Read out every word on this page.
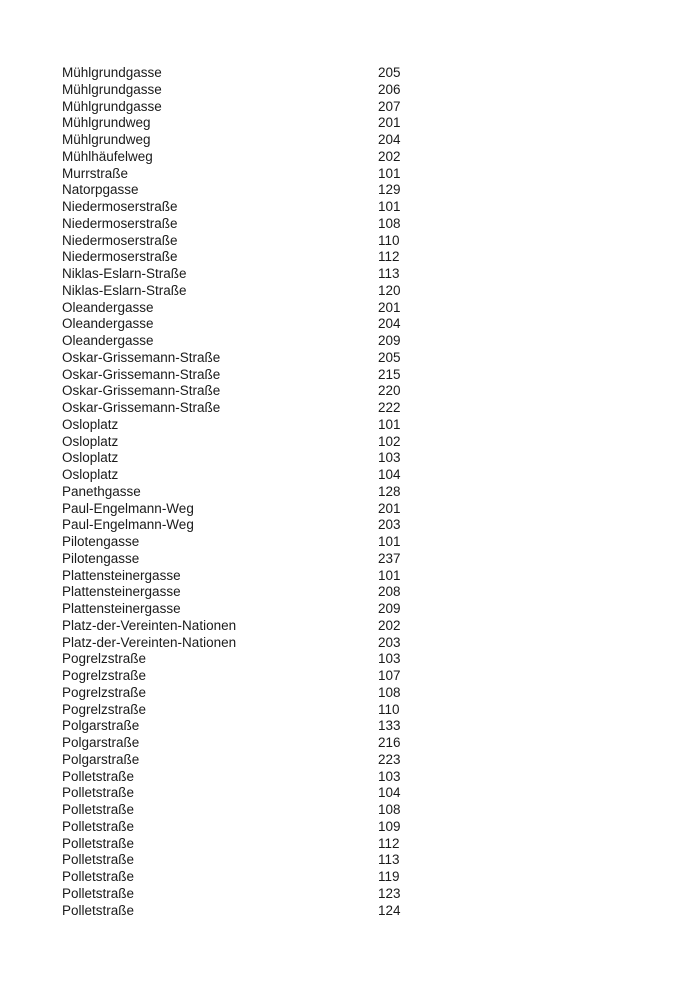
Mühlgrundgasse	205
Mühlgrundgasse	206
Mühlgrundgasse	207
Mühlgrundweg	201
Mühlgrundweg	204
Mühlhäufelweg	202
Murrstraße	101
Natorpgasse	129
Niedermoserstraße	101
Niedermoserstraße	108
Niedermoserstraße	110
Niedermoserstraße	112
Niklas-Eslarn-Straße	113
Niklas-Eslarn-Straße	120
Oleandergasse	201
Oleandergasse	204
Oleandergasse	209
Oskar-Grissemann-Straße	205
Oskar-Grissemann-Straße	215
Oskar-Grissemann-Straße	220
Oskar-Grissemann-Straße	222
Osloplatz	101
Osloplatz	102
Osloplatz	103
Osloplatz	104
Panethgasse	128
Paul-Engelmann-Weg	201
Paul-Engelmann-Weg	203
Pilotengasse	101
Pilotengasse	237
Plattensteinergasse	101
Plattensteinergasse	208
Plattensteinergasse	209
Platz-der-Vereinten-Nationen	202
Platz-der-Vereinten-Nationen	203
Pogrelzstraße	103
Pogrelzstraße	107
Pogrelzstraße	108
Pogrelzstraße	110
Polgarstraße	133
Polgarstraße	216
Polgarstraße	223
Polletstraße	103
Polletstraße	104
Polletstraße	108
Polletstraße	109
Polletstraße	112
Polletstraße	113
Polletstraße	119
Polletstraße	123
Polletstraße	124
